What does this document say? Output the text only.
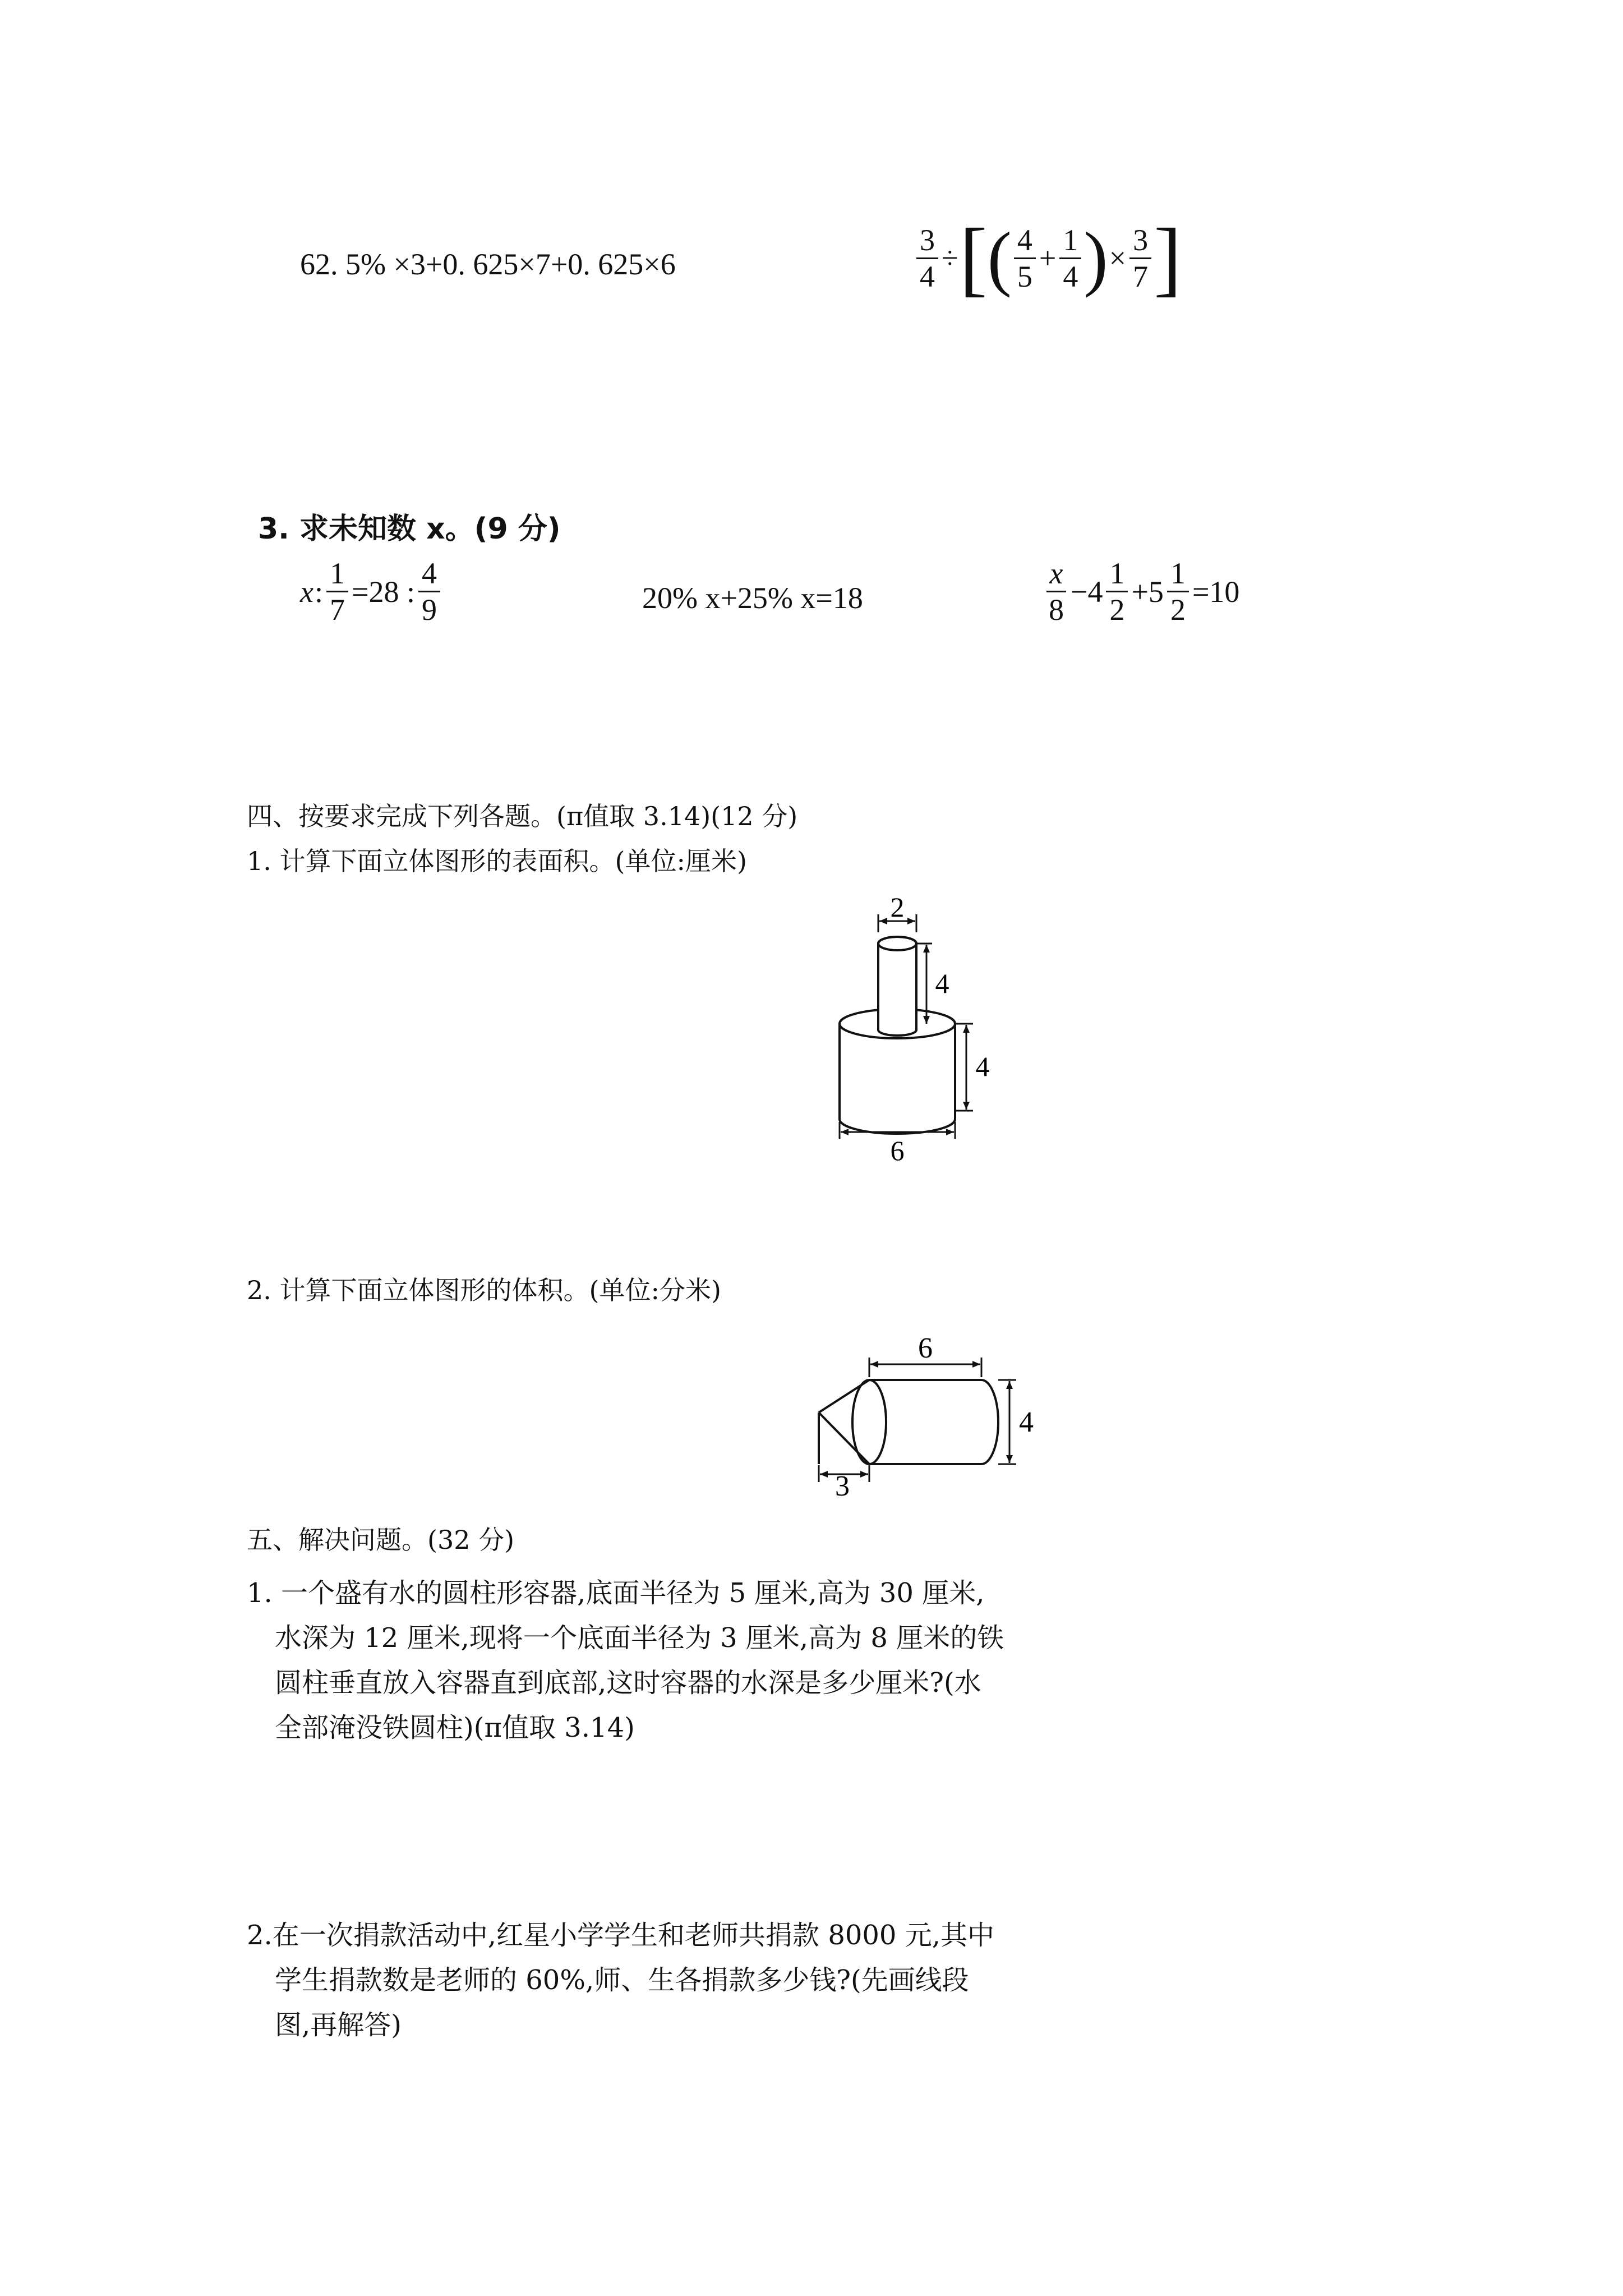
62. 5% ×3+0. 625×7+0. 625×6	$\frac{3}{4}$ ÷ [ ( $\frac{4}{5} + \frac{1}{4}$ ) × $\frac{3}{7}$ ]
3. 求未知数 x。(9 分)
x : $\frac{1}{7} =28$ : $\frac{4}{9}$	20% x+25% x=18	$\frac{x}{8} -4 \frac{1}{2} +5 \frac{1}{2} =10$
四、按要求完成下列各题。(π值取 3.14)(12 分)
1. 计算下面立体图形的表面积。(单位:厘米)
2
4
4
6
2. 计算下面立体图形的体积。(单位:分米)
6
4
3
五、解决问题。(32 分)
1. 一个盛有水的圆柱形容器,底面半径为 5 厘米,高为 30 厘米,
水深为 12 厘米,现将一个底面半径为 3 厘米,高为 8 厘米的铁
圆柱垂直放入容器直到底部,这时容器的水深是多少厘米?(水
全部淹没铁圆柱)(π值取 3.14)
2.在一次捐款活动中,红星小学学生和老师共捐款 8000 元,其中
学生捐款数是老师的 60%,师、生各捐款多少钱?(先画线段
图,再解答)
